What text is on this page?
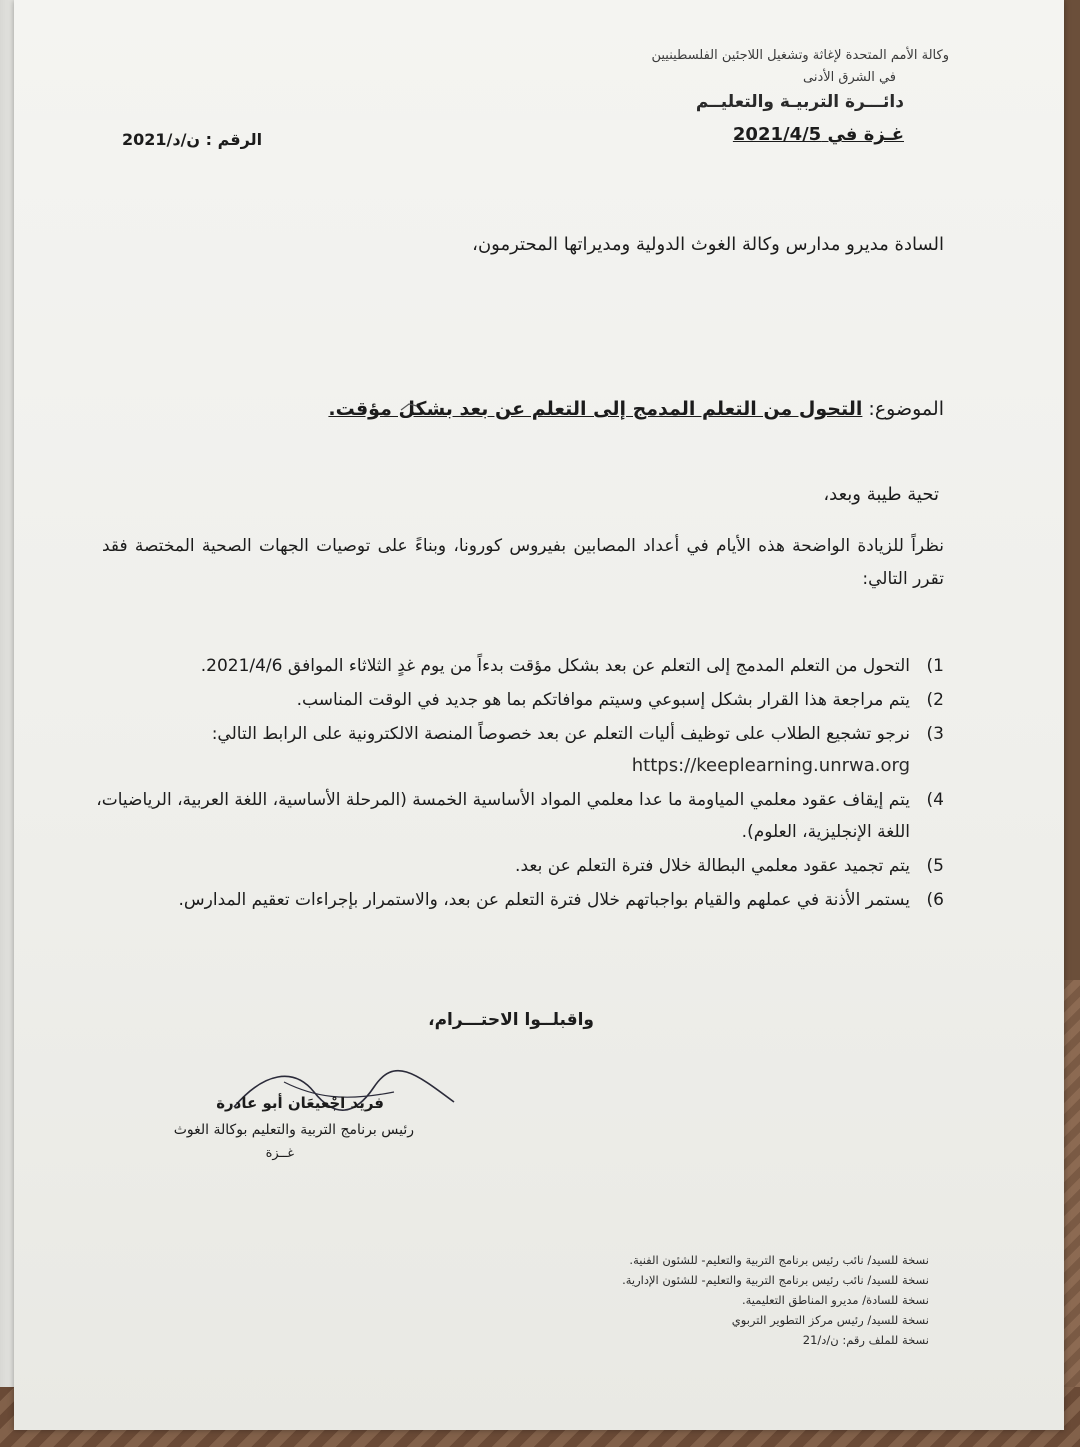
وكالة الأمم المتحدة لإغاثة وتشغيل اللاجئين الفلسطينيين
في الشرق الأدنى
دائـــرة التربيـة والتعليــم
غـزة في 2021/4/5
الرقم : ن/د/2021
السادة مديرو مدارس وكالة الغوث الدولية ومديراتها المحترمون،
الموضوع: التحول من التعلم المدمج إلى التعلم عن بعد بشكل مؤقت.
تحية طيبة وبعد،
نظراً للزيادة الواضحة هذه الأيام في أعداد المصابين بفيروس كورونا، وبناءً على توصيات الجهات الصحية المختصة فقد تقرر التالي:
1)
التحول من التعلم المدمج إلى التعلم عن بعد بشكل مؤقت بدءاً من يوم غدٍ الثلاثاء الموافق 2021/4/6.
2)
يتم مراجعة هذا القرار بشكل إسبوعي وسيتم موافاتكم بما هو جديد في الوقت المناسب.
3)
نرجو تشجيع الطلاب على توظيف أليات التعلم عن بعد خصوصاً المنصة الالكترونية على الرابط التالي:
https://keeplearning.unrwa.org
4)
يتم إيقاف عقود معلمي المياومة ما عدا معلمي المواد الأساسية الخمسة (المرحلة الأساسية، اللغة العربية، الرياضيات، اللغة الإنجليزية، العلوم).
5)
يتم تجميد عقود معلمي البطالة خلال فترة التعلم عن بعد.
6)
يستمر الأذنة في عملهم والقيام بواجباتهم خلال فترة التعلم عن بعد، والاستمرار بإجراءات تعقيم المدارس.
واقبلــوا الاحتـــرام،
فريد اجْعيعَان أبو عادرة
رئيس برنامج التربية والتعليم بوكالة الغوث
غــزة
نسخة للسيد/ نائب رئيس برنامج التربية والتعليم- للشئون الفنية.
نسخة للسيد/ نائب رئيس برنامج التربية والتعليم- للشئون الإدارية.
نسخة للسادة/ مديرو المناطق التعليمية.
نسخة للسيد/ رئيس مركز التطوير التربوي
نسخة للملف رقم: ن/د/21
